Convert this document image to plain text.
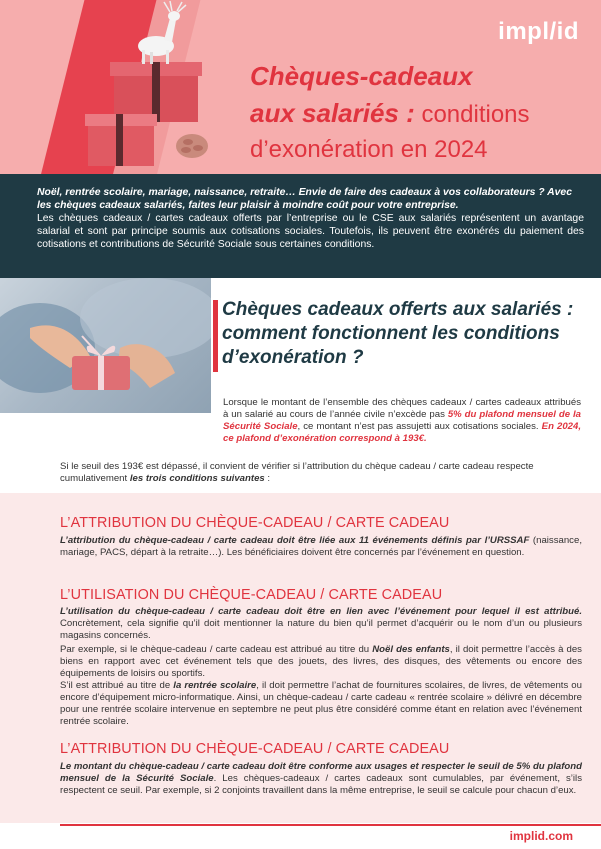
impl/id
Chèques-cadeaux
aux salariés : conditions
d’exonération en 2024

Noël, rentrée scolaire, mariage, naissance, retraite… Envie de faire des cadeaux à vos collaborateurs ? Avec les chèques cadeaux salariés, faites leur plaisir à moindre coût pour votre entreprise.

Les chèques cadeaux / cartes cadeaux offerts par l’entreprise ou le CSE aux salariés représentent un avantage salarial et sont par principe soumis aux cotisations sociales. Toutefois, ils peuvent être exonérés du paiement des cotisations et contributions de Sécurité Sociale sous certaines conditions.

Chèques cadeaux offerts aux salariés : comment fonctionnent les conditions d’exonération ?
Lorsque le montant de l’ensemble des chèques cadeaux / cartes cadeaux attribués à un salarié au cours de l’année civile n’excède pas 5% du plafond mensuel de la Sécurité Sociale, ce montant n’est pas assujetti aux cotisations sociales. En 2024, ce plafond d’exonération correspond à 193€.
Si le seuil des 193€ est dépassé, il convient de vérifier si l’attribution du chèque cadeau / carte cadeau respecte cumulativement les trois conditions suivantes :
L’ATTRIBUTION DU CHÈQUE-CADEAU / CARTE CADEAU
L’attribution du chèque-cadeau / carte cadeau doit être liée aux 11 événements définis par l’URSSAF (naissance, mariage, PACS, départ à la retraite…). Les bénéficiaires doivent être concernés par l’événement en question.
L’UTILISATION DU CHÈQUE-CADEAU / CARTE CADEAU
L’utilisation du chèque-cadeau / carte cadeau doit être en lien avec l’événement pour lequel il est attribué. Concrètement, cela signifie qu’il doit mentionner la nature du bien qu’il permet d’acquérir ou le nom d’un ou plusieurs magasins concernés.
Par exemple, si le chèque-cadeau / carte cadeau est attribué au titre du Noël des enfants, il doit permettre l’accès à des biens en rapport avec cet événement tels que des jouets, des livres, des disques, des vêtements ou encore des équipements de loisirs ou sportifs.
S’il est attribué au titre de la rentrée scolaire, il doit permettre l’achat de fournitures scolaires, de livres, de vêtements ou encore d’équipement micro-informatique. Ainsi, un chèque-cadeau / carte cadeau « rentrée scolaire » délivré en décembre pour une rentrée scolaire intervenue en septembre ne peut plus être considéré comme étant en relation avec l’événement rentrée scolaire.
L’ATTRIBUTION DU CHÈQUE-CADEAU / CARTE CADEAU
Le montant du chèque-cadeau / carte cadeau doit être conforme aux usages et respecter le seuil de 5% du plafond mensuel de la Sécurité Sociale. Les chèques-cadeaux / cartes cadeaux sont cumulables, par événement, s’ils respectent ce seuil. Par exemple, si 2 conjoints travaillent dans la même entreprise, le seuil se calcule pour chacun d’eux.
implid.com
